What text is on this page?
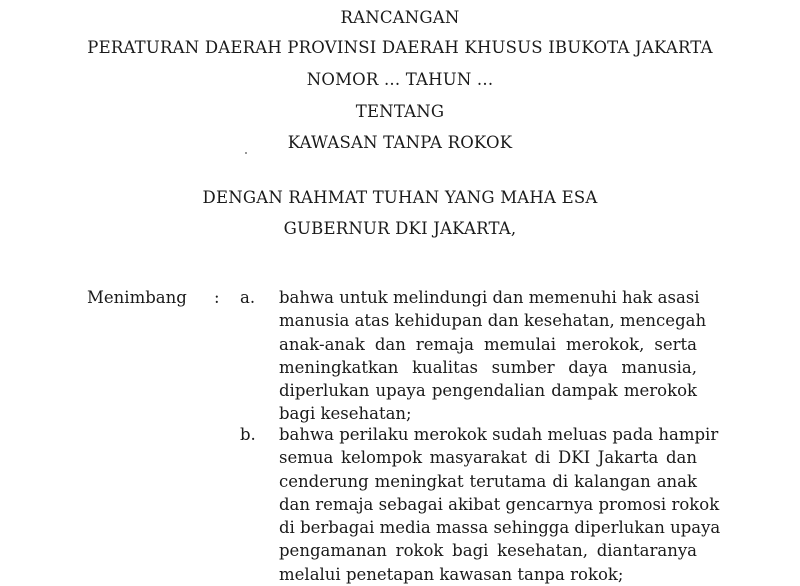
RANCANGAN
PERATURAN DAERAH PROVINSI DAERAH KHUSUS IBUKOTA JAKARTA
NOMOR ... TAHUN ...
TENTANG
KAWASAN TANPA ROKOK
DENGAN RAHMAT TUHAN YANG MAHA ESA
GUBERNUR DKI JAKARTA,
Menimbang : a. bahwa untuk melindungi dan memenuhi hak asasi
manusia atas kehidupan dan kesehatan, mencegah
anak-anak dan remaja memulai merokok, serta
meningkatkan kualitas sumber daya manusia,
diperlukan upaya pengendalian dampak merokok
bagi kesehatan;
b. bahwa perilaku merokok sudah meluas pada hampir
semua kelompok masyarakat di DKI Jakarta dan
cenderung meningkat terutama di kalangan anak
dan remaja sebagai akibat gencarnya promosi rokok
di berbagai media massa sehingga diperlukan upaya
pengamanan rokok bagi kesehatan, diantaranya
melalui penetapan kawasan tanpa rokok;
